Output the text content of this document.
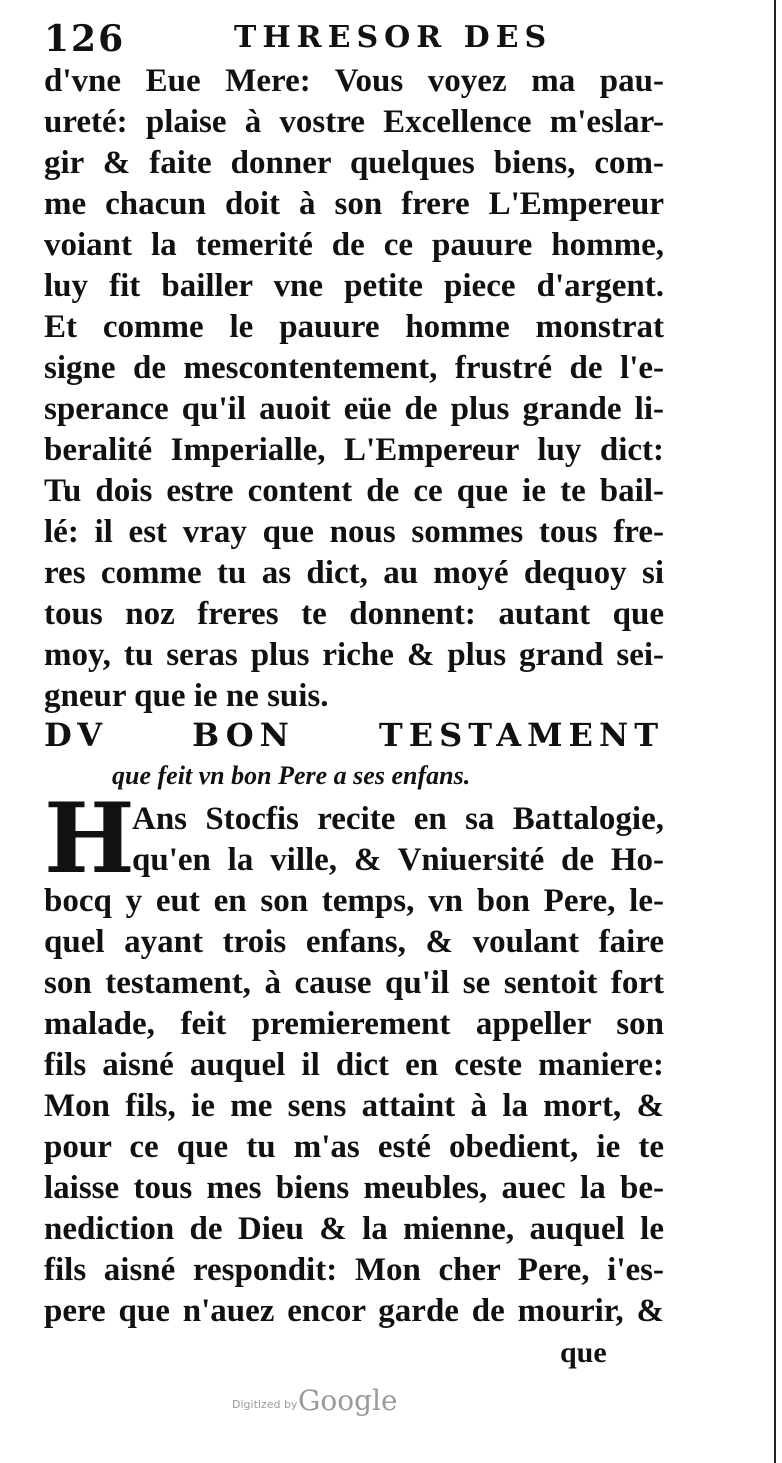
126	THRESOR DES
d'vne Eue Mere: Vous voyez ma pau-
ureté: plaise à vostre Excellence m'eslar-
gir & faite donner quelques biens, com-
me chacun doit à son frere L'Empereur
voiant la temerité de ce pauure homme,
luy fit bailler vne petite piece d'argent.
Et comme le pauure homme monstrat
signe de mescontentement, frustré de l'e-
sperance qu'il auoit eüe de plus grande li-
beralité Imperialle, L'Empereur luy dict:
Tu dois estre content de ce que ie te bail-
lé: il est vray que nous sommes tous fre-
res comme tu as dict, au moyé dequoy si
tous noz freres te donnent: autant que
moy, tu seras plus riche & plus grand sei-
gneur que ie ne suis.
DV BON TESTAMENT
que feit vn bon Pere a ses enfans.
H
Ans Stocfis recite en sa Battalogie,
qu'en la ville, & Vniuersité de Ho-
bocq y eut en son temps, vn bon Pere, le-
quel ayant trois enfans, & voulant faire
son testament, à cause qu'il se sentoit fort
malade, feit premierement appeller son
fils aisné auquel il dict en ceste maniere:
Mon fils, ie me sens attaint à la mort, &
pour ce que tu m'as esté obedient, ie te
laisse tous mes biens meubles, auec la be-
nediction de Dieu & la mienne, auquel le
fils aisné respondit: Mon cher Pere, i'es-
pere que n'auez encor garde de mourir, &
que
Digitized by Google
